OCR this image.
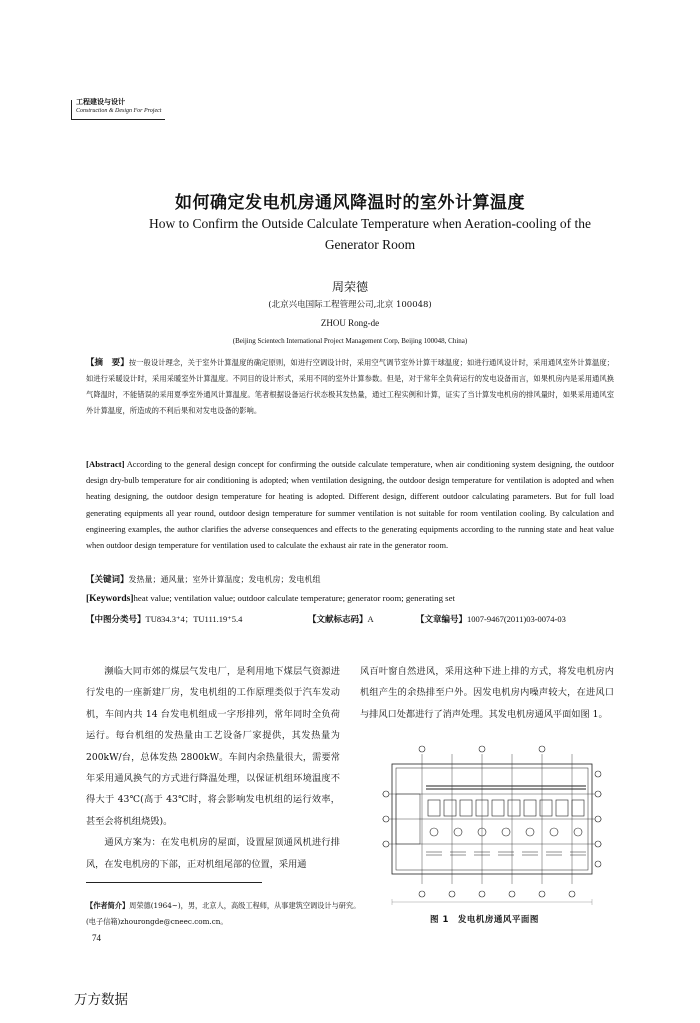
工程建设与设计
Construction & Design For Project
如何确定发电机房通风降温时的室外计算温度
How to Confirm the Outside Calculate Temperature when Aeration-cooling of the Generator Room
周荣德
(北京兴电国际工程管理公司,北京 100048)
ZHOU Rong-de
(Beijing Scientech International Project Management Corp, Beijing 100048, China)
【摘　要】按一般设计理念，关于室外计算温度的确定原则，如进行空调设计时，采用空气调节室外计算干球温度；如进行通风设计时，采用通风室外计算温度；如进行采暖设计时，采用采暖室外计算温度。不同目的设计形式，采用不同的室外计算参数。但是，对于常年全负荷运行的发电设备而言，如果机房内是采用通风换气降温时，不能错误的采用夏季室外通风计算温度。笔者根据设备运行状态极其发热量，通过工程实例和计算，证实了当计算发电机房的排风量时，如果采用通风室外计算温度，所造成的不利后果和对发电设备的影响。
[Abstract] According to the general design concept for confirming the outside calculate temperature, when air conditioning system designing, the outdoor design dry-bulb temperature for air conditioning is adopted; when ventilation designing, the outdoor design temperature for ventilation is adopted and when heating designing, the outdoor design temperature for heating is adopted. Different design, different outdoor calculating parameters. But for full load generating equipments all year round, outdoor design temperature for summer ventilation is not suitable for room ventilation cooling. By calculation and engineering examples, the author clarifies the adverse consequences and effects to the generating equipments according to the running state and heat value when outdoor design temperature for ventilation used to calculate the exhaust air rate in the generator room.
【关键词】发热量；通风量；室外计算温度；发电机房；发电机组
[Keywords]heat value; ventilation value; outdoor calculate temperature; generator room; generating set
【中图分类号】TU834.3⁺4；TU111.19⁺5.4	【文献标志码】A	【文章编号】1007-9467(2011)03-0074-03

濒临大同市郊的煤层气发电厂，是利用地下煤层气资源进行发电的一座新建厂房，发电机组的工作原理类似于汽车发动机，车间内共 14 台发电机组成一字形排列，常年同时全负荷运行。每台机组的发热量由工艺设备厂家提供，其发热量为 200kW/台，总体发热 2800kW。车间内余热量很大，需要常年采用通风换气的方式进行降温处理，以保证机组环境温度不得大于 43℃(高于 43℃时，将会影响发电机组的运行效率，甚至会将机组烧毁)。

通风方案为：在发电机房的屋面，设置屋顶通风机进行排风，在发电机房的下部，正对机组尾部的位置，采用通

风百叶窗自然进风，采用这种下进上排的方式，将发电机房内机组产生的余热排至户外。因发电机房内噪声较大，在进风口与排风口处都进行了消声处理。其发电机房通风平面如图 1。

图 1　发电机房通风平面图
【作者简介】周荣德(1964~)，男，北京人，高级工程师，从事建筑空调设计与研究。(电子信箱)zhourongde@cneec.com.cn。
74
万方数据
